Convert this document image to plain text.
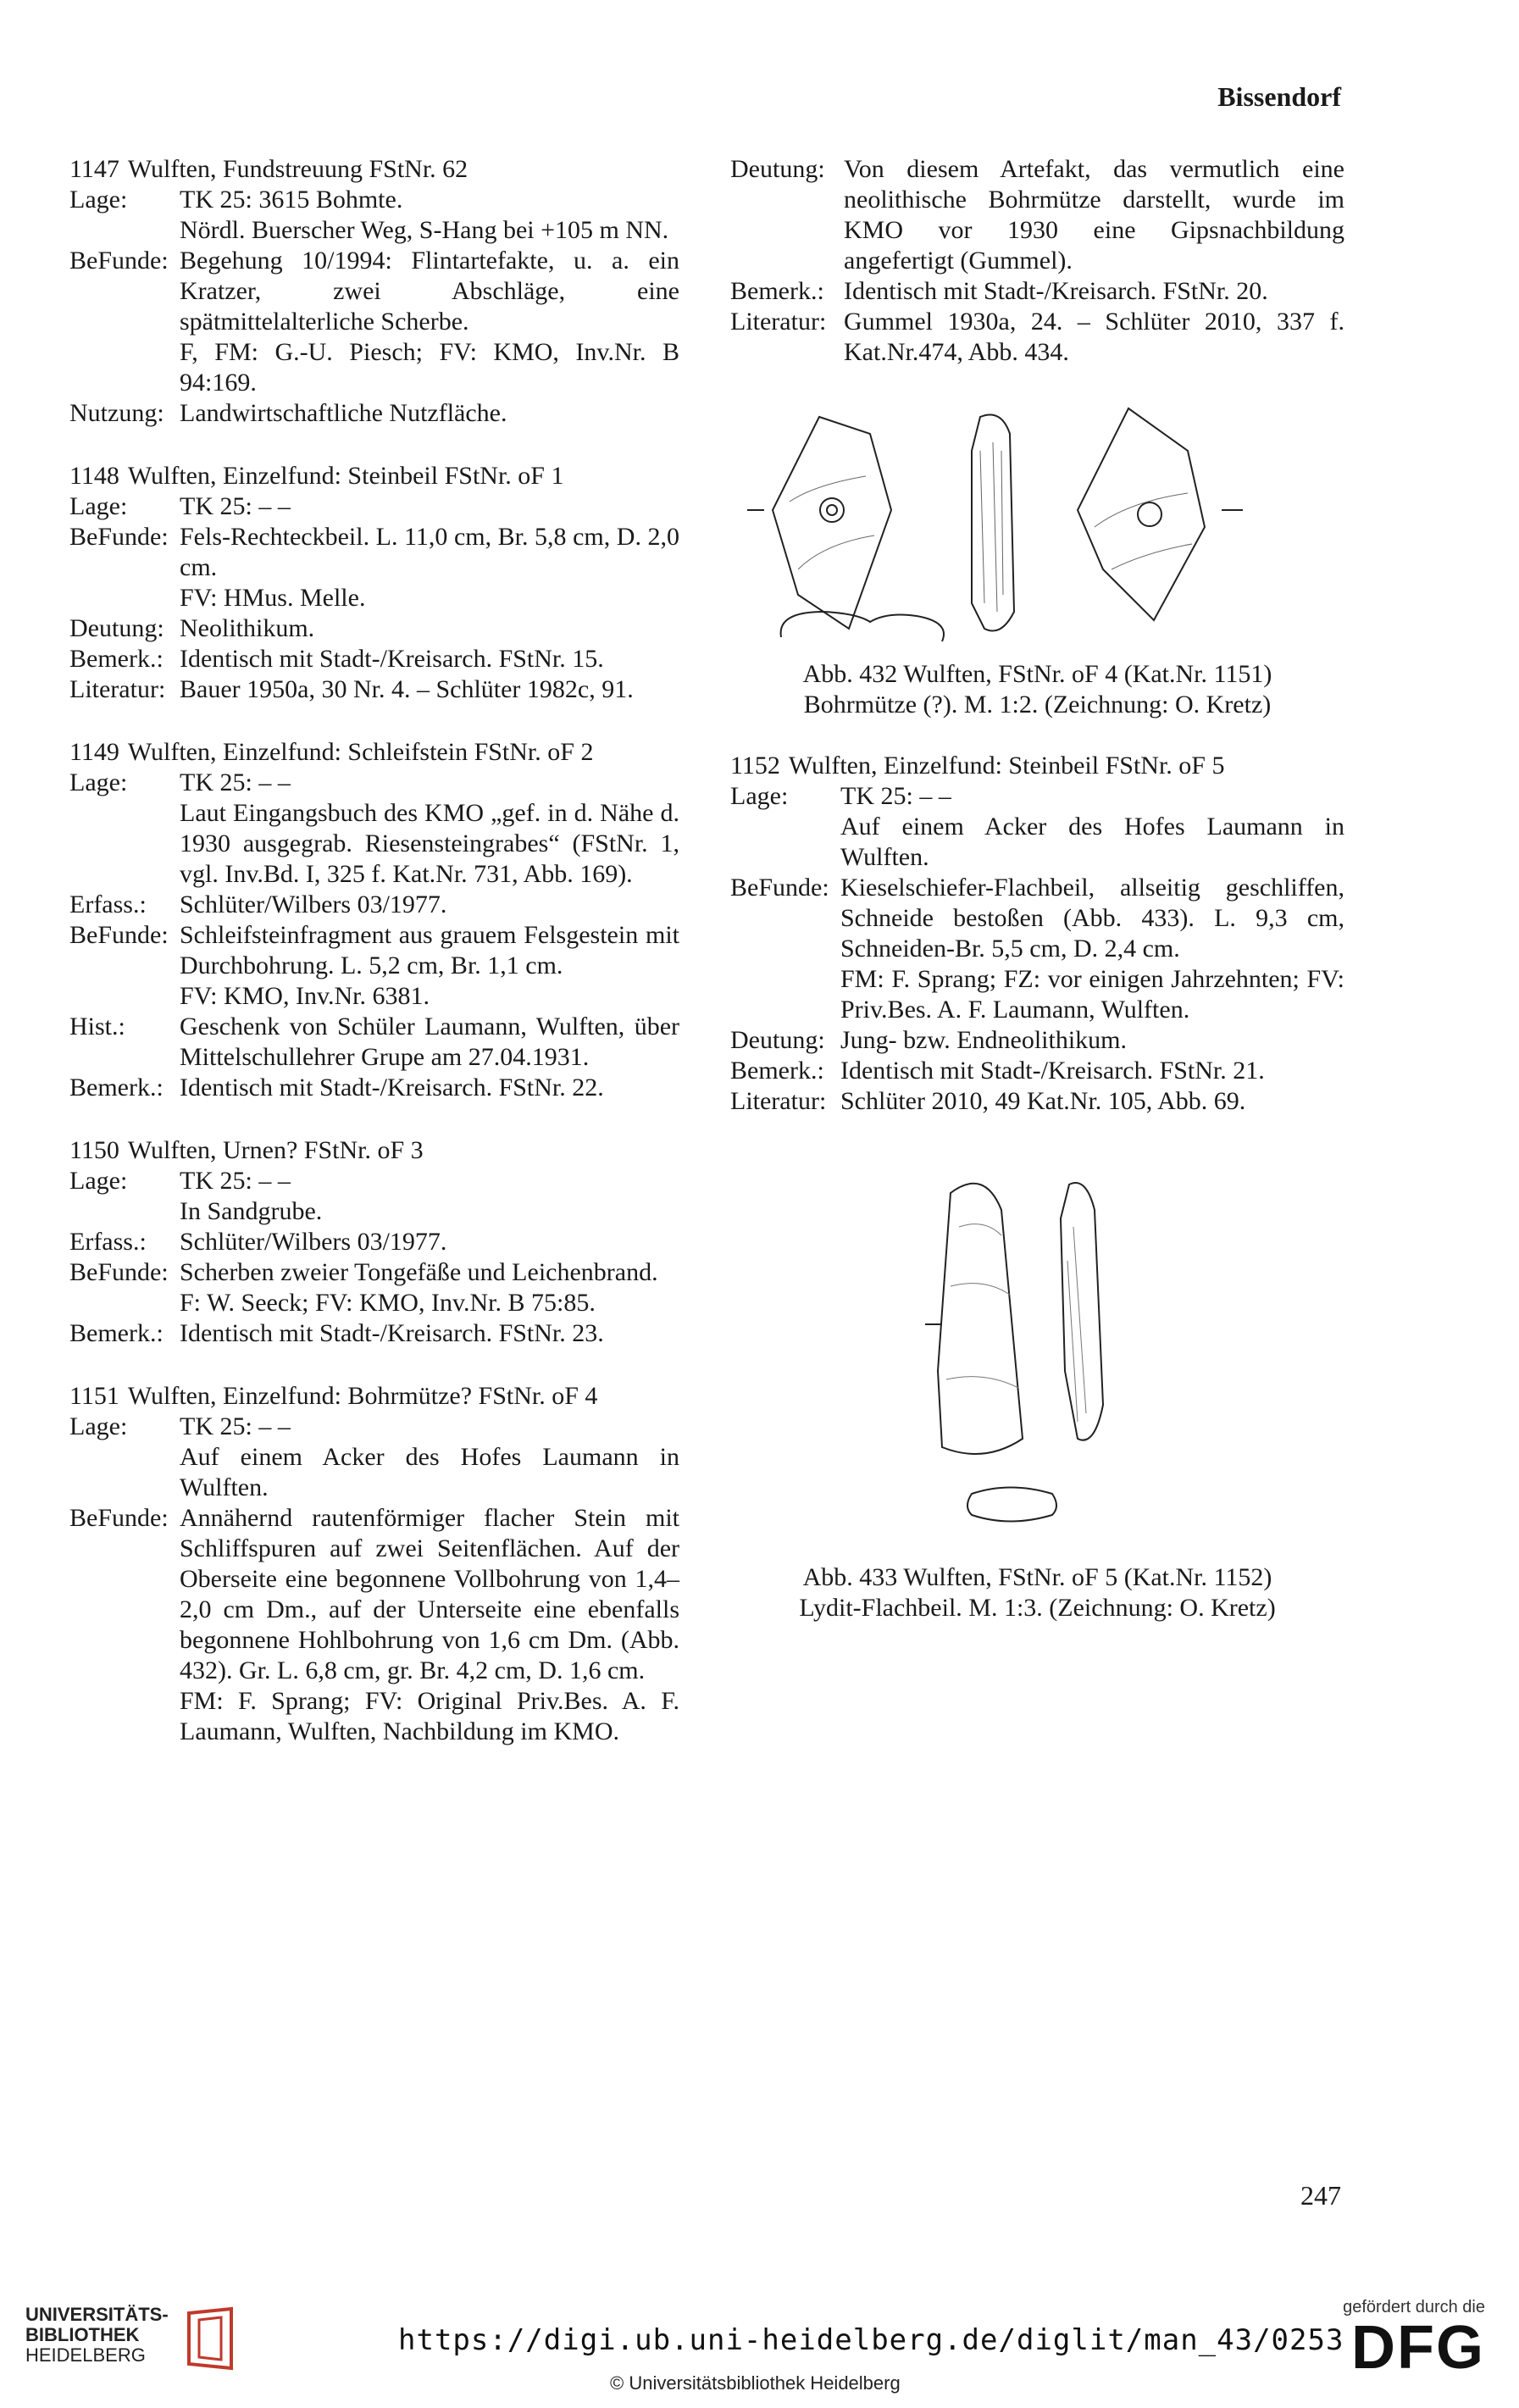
Bissendorf
1147 Wulften, Fundstreuung FStNr. 62
Lage:	TK 25: 3615 Bohmte.
Nördl. Buerscher Weg, S-Hang bei +105 m NN.
BeFunde: Begehung 10/1994: Flintartefakte, u. a. ein Kratzer, zwei Abschläge, eine spätmittelalterliche Scherbe.
F, FM: G.-U. Piesch; FV: KMO, Inv.Nr. B 94:169.
Nutzung: Landwirtschaftliche Nutzfläche.
1148 Wulften, Einzelfund: Steinbeil FStNr. oF 1
Lage:	TK 25: – –
BeFunde: Fels-Rechteckbeil. L. 11,0 cm, Br. 5,8 cm, D. 2,0 cm.
FV: HMus. Melle.
Deutung: Neolithikum.
Bemerk.: Identisch mit Stadt-/Kreisarch. FStNr. 15.
Literatur: Bauer 1950a, 30 Nr. 4. – Schlüter 1982c, 91.
1149 Wulften, Einzelfund: Schleifstein FStNr. oF 2
Lage:	TK 25: – –
Laut Eingangsbuch des KMO „gef. in d. Nähe d. 1930 ausgegrab. Riesensteingrabes“ (FStNr. 1, vgl. Inv.Bd. I, 325 f. Kat.Nr. 731, Abb. 169).
Erfass.:	Schlüter/Wilbers 03/1977.
BeFunde: Schleifsteinfragment aus grauem Felsgestein mit Durchbohrung. L. 5,2 cm, Br. 1,1 cm.
FV: KMO, Inv.Nr. 6381.
Hist.:	Geschenk von Schüler Laumann, Wulften, über Mittelschullehrer Grupe am 27.04.1931.
Bemerk.: Identisch mit Stadt-/Kreisarch. FStNr. 22.
1150 Wulften, Urnen? FStNr. oF 3
Lage:	TK 25: – –
In Sandgrube.
Erfass.:	Schlüter/Wilbers 03/1977.
BeFunde: Scherben zweier Tongefäße und Leichenbrand.
F: W. Seeck; FV: KMO, Inv.Nr. B 75:85.
Bemerk.: Identisch mit Stadt-/Kreisarch. FStNr. 23.
1151 Wulften, Einzelfund: Bohrmütze? FStNr. oF 4
Lage:	TK 25: – –
Auf einem Acker des Hofes Laumann in Wulften.
BeFunde: Annähernd rautenförmiger flacher Stein mit Schliffspuren auf zwei Seitenflächen. Auf der Oberseite eine begonnene Vollbohrung von 1,4–2,0 cm Dm., auf der Unterseite eine ebenfalls begonnene Hohlbohrung von 1,6 cm Dm. (Abb. 432). Gr. L. 6,8 cm, gr. Br. 4,2 cm, D. 1,6 cm.
FM: F. Sprang; FV: Original Priv.Bes. A. F. Laumann, Wulften, Nachbildung im KMO.
Deutung: Von diesem Artefakt, das vermutlich eine neolithische Bohrmütze darstellt, wurde im KMO vor 1930 eine Gipsnachbildung angefertigt (Gummel).
Bemerk.: Identisch mit Stadt-/Kreisarch. FStNr. 20.
Literatur: Gummel 1930a, 24. – Schlüter 2010, 337 f. Kat.Nr.474, Abb. 434.
Abb. 432 Wulften, FStNr. oF 4 (Kat.Nr. 1151)
Bohrmütze (?). M. 1:2. (Zeichnung: O. Kretz)
1152 Wulften, Einzelfund: Steinbeil FStNr. oF 5
Lage:	TK 25: – –
Auf einem Acker des Hofes Laumann in Wulften.
BeFunde: Kieselschiefer-Flachbeil, allseitig geschliffen, Schneide bestoßen (Abb. 433). L. 9,3 cm, Schneiden-Br. 5,5 cm, D. 2,4 cm.
FM: F. Sprang; FZ: vor einigen Jahrzehnten; FV: Priv.Bes. A. F. Laumann, Wulften.
Deutung: Jung- bzw. Endneolithikum.
Bemerk.: Identisch mit Stadt-/Kreisarch. FStNr. 21.
Literatur: Schlüter 2010, 49 Kat.Nr. 105, Abb. 69.
Abb. 433 Wulften, FStNr. oF 5 (Kat.Nr. 1152)
Lydit-Flachbeil. M. 1:3. (Zeichnung: O. Kretz)
247
UNIVERSITÄTS-
BIBLIOTHEK
HEIDELBERG	https://digi.ub.uni-heidelberg.de/diglit/man_43/0253
© Universitätsbibliothek Heidelberg
gefördert durch die
DFG
